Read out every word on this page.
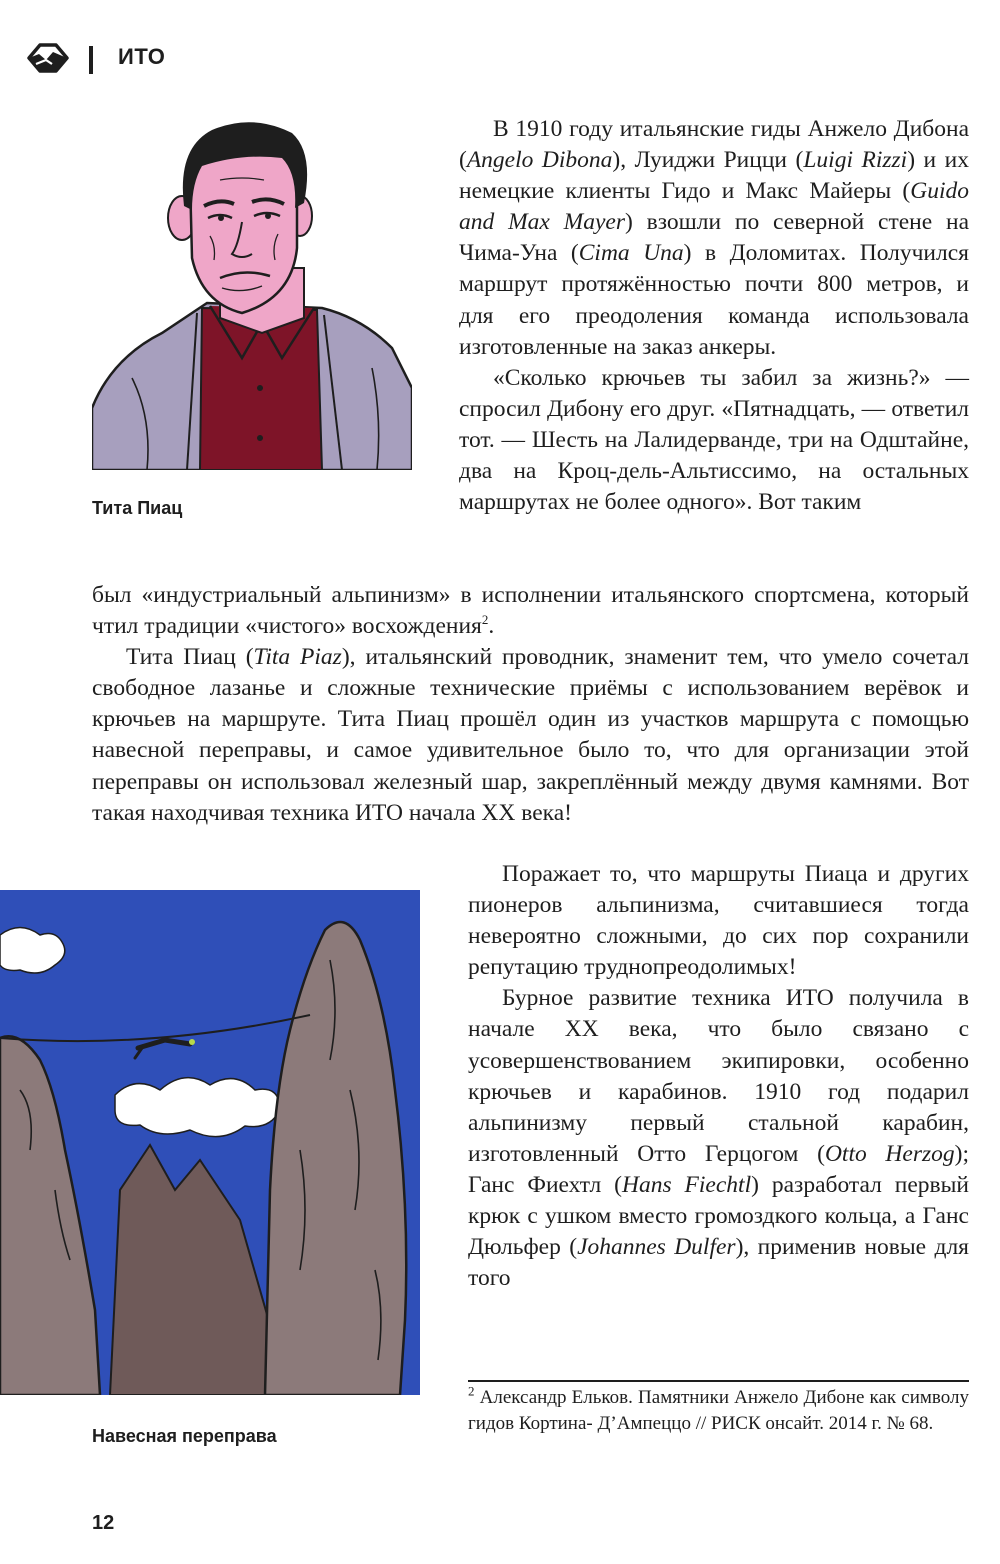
ИТО
Тита Пиац

В 1910 году итальянские гиды Анжело Дибона (Angelo Dibona), Луиджи Рицци (Luigi Rizzi) и их немецкие клиенты Гидо и Макс Майеры (Guido and Max Mayer) взошли по северной стене на Чима-Уна (Cima Una) в Доломитах. Получился маршрут протяжённостью почти 800 метров, и для его преодоления команда использовала изготовленные на заказ анкеры.

«Сколько крючьев ты забил за жизнь?» — спросил Дибону его друг. «Пятнадцать, — ответил тот. — Шесть на Лалидерванде, три на Одштайне, два на Кроц-дель-Альтиссимо, на остальных маршрутах не более одного». Вот таким

был «индустриальный альпинизм» в исполнении итальянского спортсмена, который чтил традиции «чистого» восхождения$^2$.

Тита Пиац (Tita Piaz), итальянский проводник, знаменит тем, что умело сочетал свободное лазанье и сложные технические приёмы с использованием верёвок и крючьев на маршруте. Тита Пиац прошёл один из участков маршрута с помощью навесной переправы, и самое удивительное было то, что для организации этой переправы он использовал железный шар, закреплённый между двумя камнями. Вот такая находчивая техника ИТО начала XX века!

Поражает то, что маршруты Пиаца и других пионеров альпинизма, считавшиеся тогда невероятно сложными, до сих пор сохранили репутацию труднопреодолимых!

Бурное развитие техника ИТО получила в начале XX века, что было связано с усовершенствованием экипировки, особенно крючьев и карабинов. 1910 год подарил альпинизму первый стальной карабин, изготовленный Отто Герцогом (Otto Herzog); Ганс Фиехтл (Hans Fiechtl) разработал первый крюк с ушком вместо громоздкого кольца, а Ганс Дюльфер (Johannes Dulfer), применив новые для того

Навесная переправа
$^2$ Александр Ельков. Памятники Анжело Дибоне как символу гидов Кортина- Д’Ампеццо // РИСК онсайт. 2014 г. № 68.
12
